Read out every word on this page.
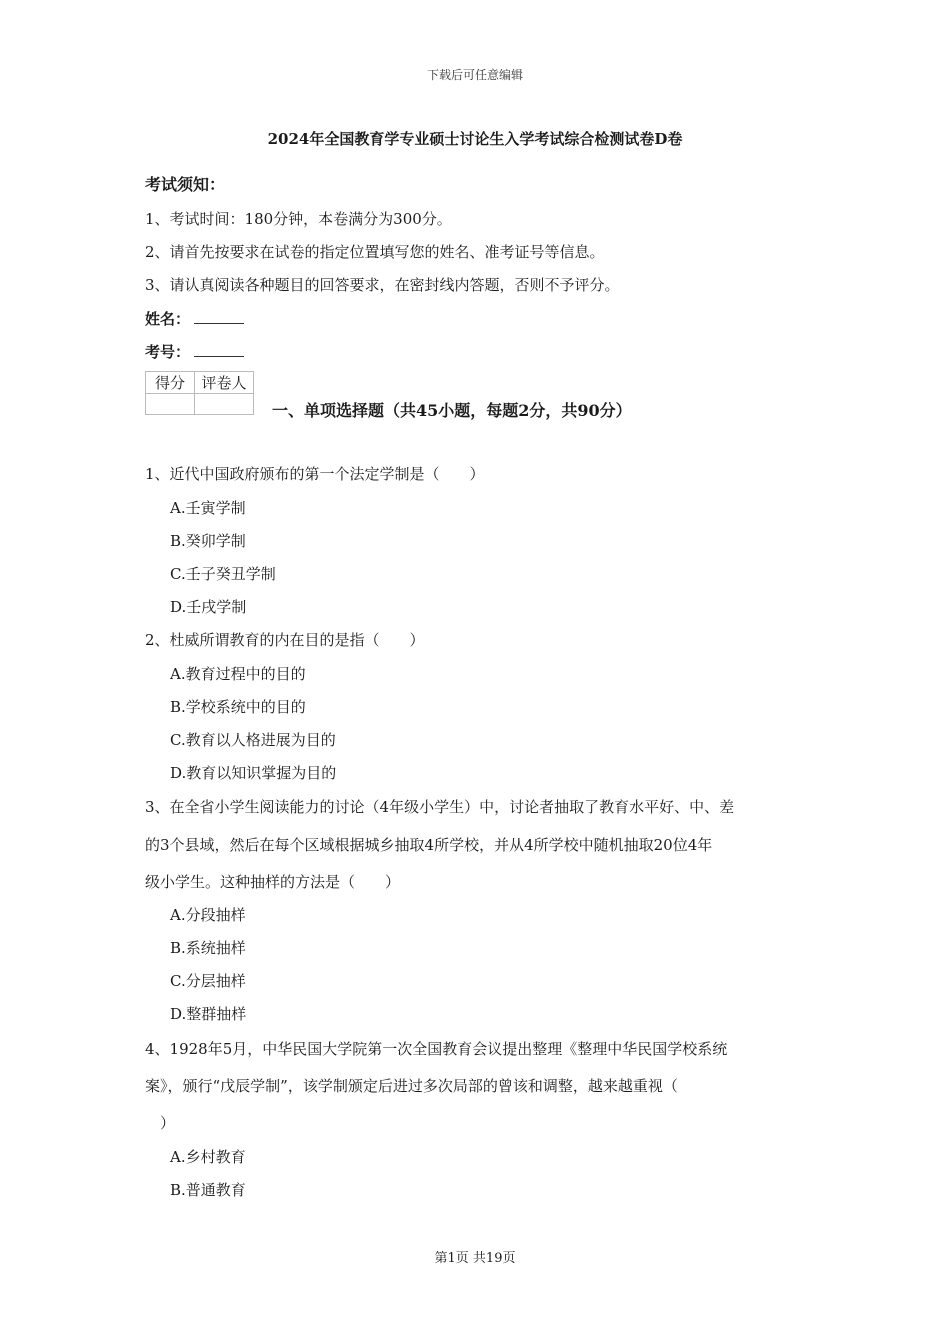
下载后可任意编辑
2024年全国教育学专业硕士讨论生入学考试综合检测试卷D卷
考试须知：
1、考试时间：180分钟，本卷满分为300分。
2、请首先按要求在试卷的指定位置填写您的姓名、准考证号等信息。
3、请认真阅读各种题目的回答要求，在密封线内答题，否则不予评分。
姓名：
考号：
得分	评卷人

一、单项选择题（共45小题，每题2分，共90分）
1、近代中国政府颁布的第一个法定学制是（　　）
A.壬寅学制
B.癸卯学制
C.壬子癸丑学制
D.壬戌学制
2、杜威所谓教育的内在目的是指（　　）
A.教育过程中的目的
B.学校系统中的目的
C.教育以人格进展为目的
D.教育以知识掌握为目的
3、在全省小学生阅读能力的讨论（4年级小学生）中，讨论者抽取了教育水平好、中、差
的3个县域，然后在每个区域根据城乡抽取4所学校，并从4所学校中随机抽取20位4年
级小学生。这种抽样的方法是（　　）
A.分段抽样
B.系统抽样
C.分层抽样
D.整群抽样
4、1928年5月，中华民国大学院第一次全国教育会议提出整理《整理中华民国学校系统
案》，颁行“戊辰学制”，该学制颁定后进过多次局部的曾该和调整，越来越重视（
　）
A.乡村教育
B.普通教育
第1页 共19页
